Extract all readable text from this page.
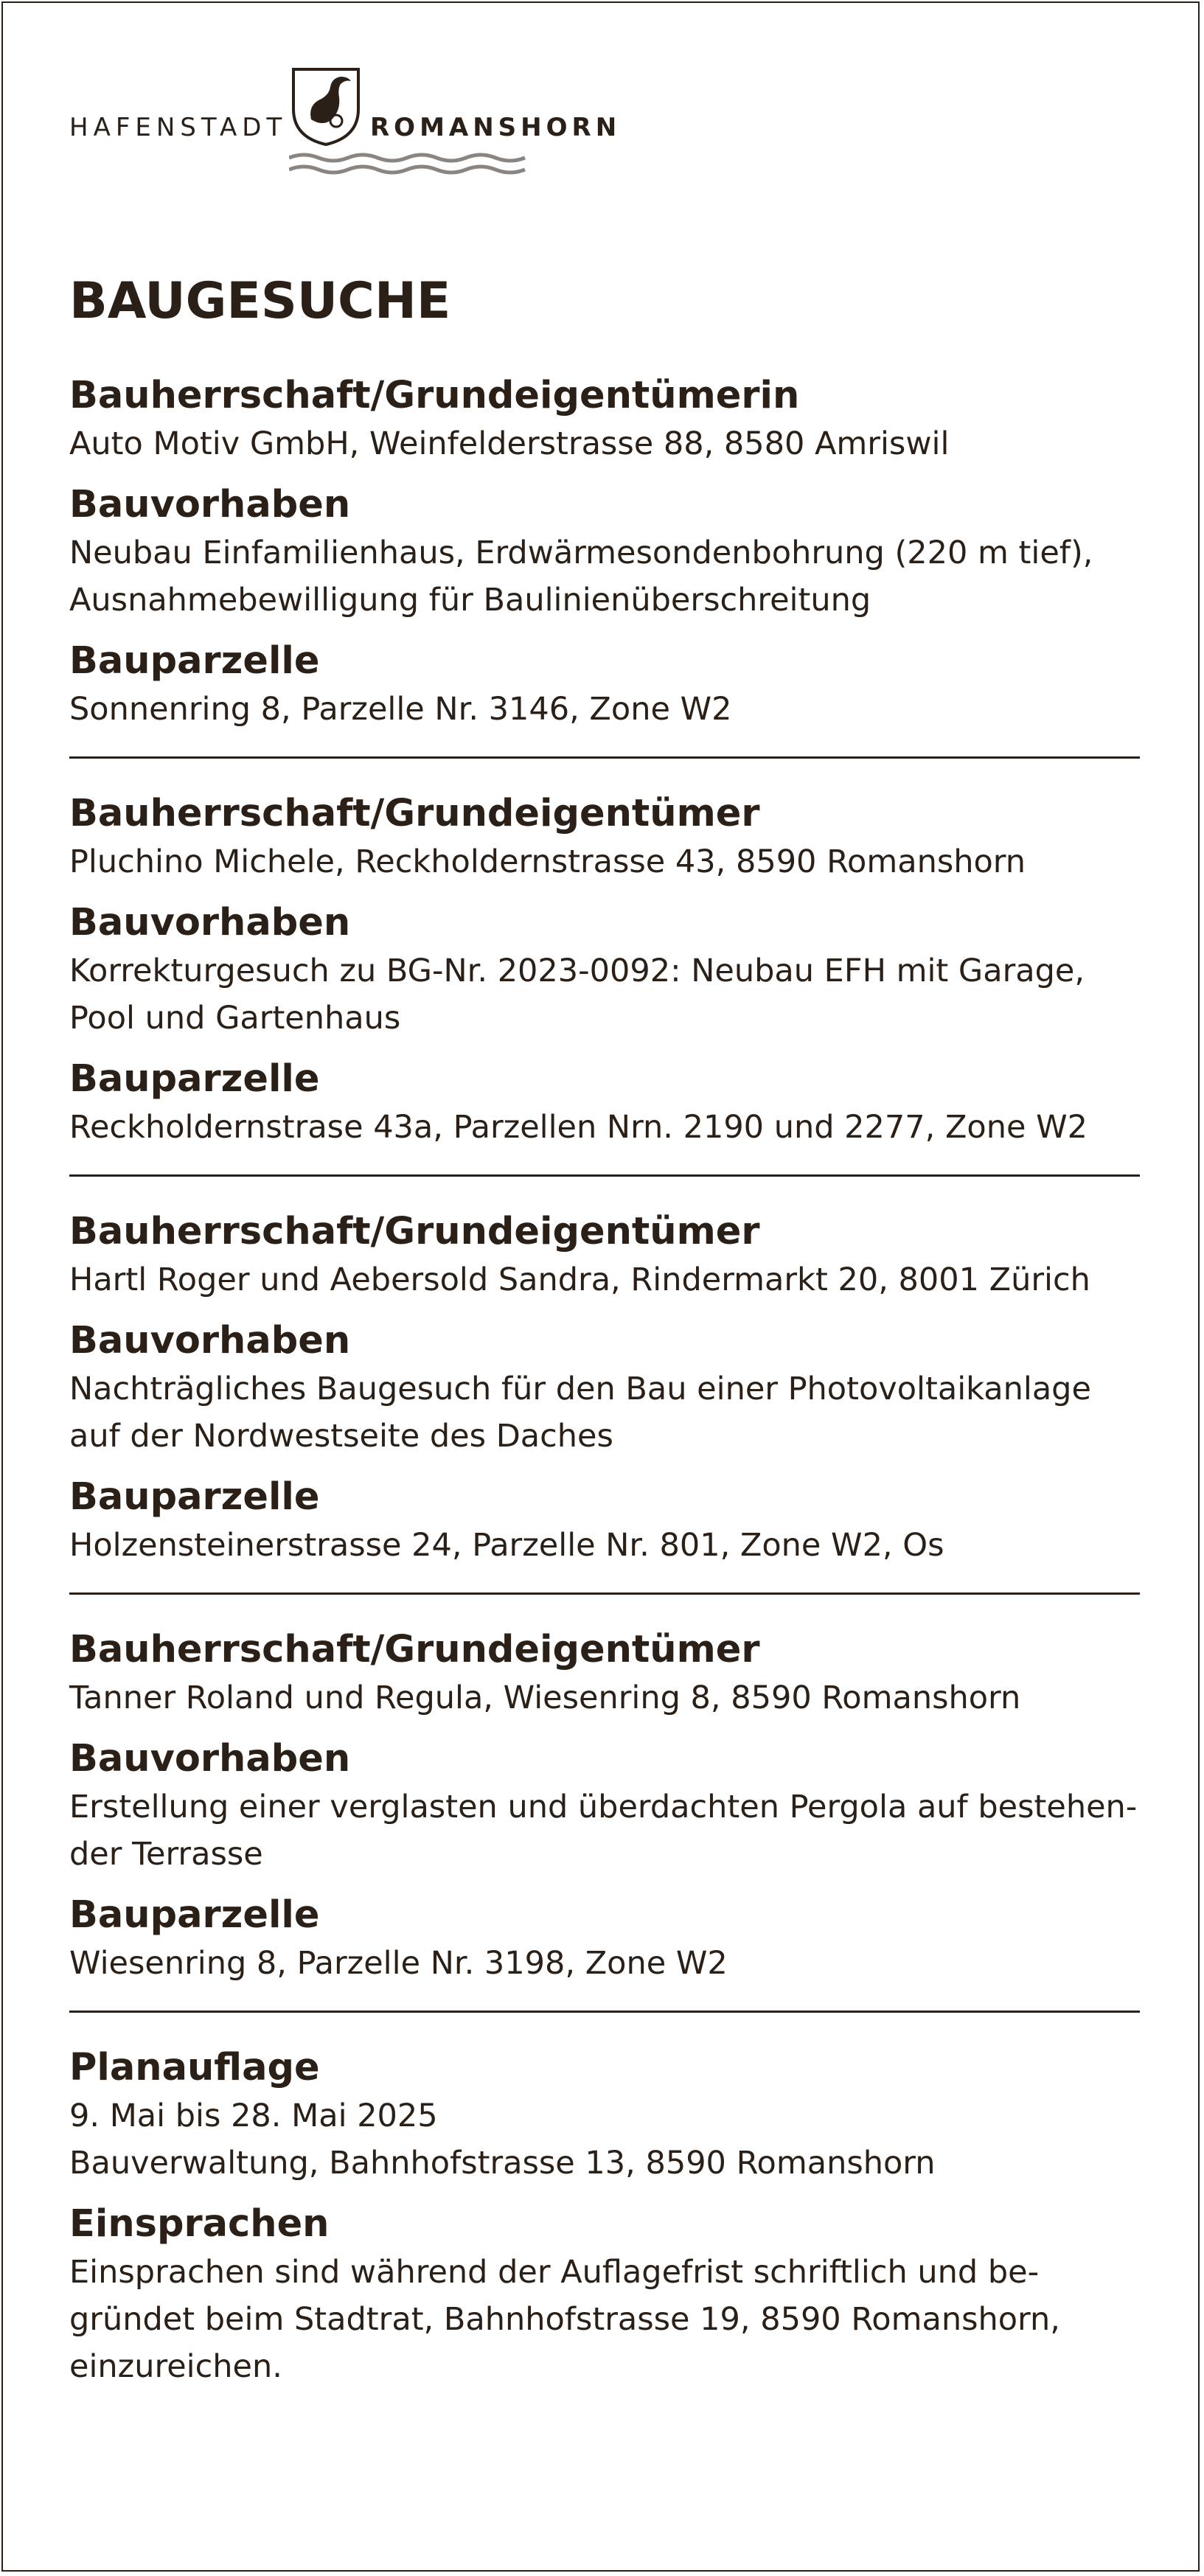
HAFENSTADT	ROMANSHORN
BAUGESUCHE
Bauherrschaft/Grundeigentümerin
Auto Motiv GmbH, Weinfelderstrasse 88, 8580 Amriswil
Bauvorhaben
Neubau Einfamilienhaus, Erdwärmesondenbohrung (220 m tief),
Ausnahmebewilligung für Baulinienüberschreitung
Bauparzelle
Sonnenring 8, Parzelle Nr. 3146, Zone W2
Bauherrschaft/Grundeigentümer
Pluchino Michele, Reckholdernstrasse 43, 8590 Romanshorn
Bauvorhaben
Korrekturgesuch zu BG-Nr. 2023-0092: Neubau EFH mit Garage,
Pool und Gartenhaus
Bauparzelle
Reckholdernstrase 43a, Parzellen Nrn. 2190 und 2277, Zone W2
Bauherrschaft/Grundeigentümer
Hartl Roger und Aebersold Sandra, Rindermarkt 20, 8001 Zürich
Bauvorhaben
Nachträgliches Baugesuch für den Bau einer Photovoltaikanlage
auf der Nordwestseite des Daches
Bauparzelle
Holzensteinerstrasse 24, Parzelle Nr. 801, Zone W2, Os
Bauherrschaft/Grundeigentümer
Tanner Roland und Regula, Wiesenring 8, 8590 Romanshorn
Bauvorhaben
Erstellung einer verglasten und überdachten Pergola auf bestehen-
der Terrasse
Bauparzelle
Wiesenring 8, Parzelle Nr. 3198, Zone W2
Planauflage
9. Mai bis 28. Mai 2025
Bauverwaltung, Bahnhofstrasse 13, 8590 Romanshorn
Einsprachen
Einsprachen sind während der Auflagefrist schriftlich und be-
gründet beim Stadtrat, Bahnhofstrasse 19, 8590 Romanshorn,
einzureichen.
